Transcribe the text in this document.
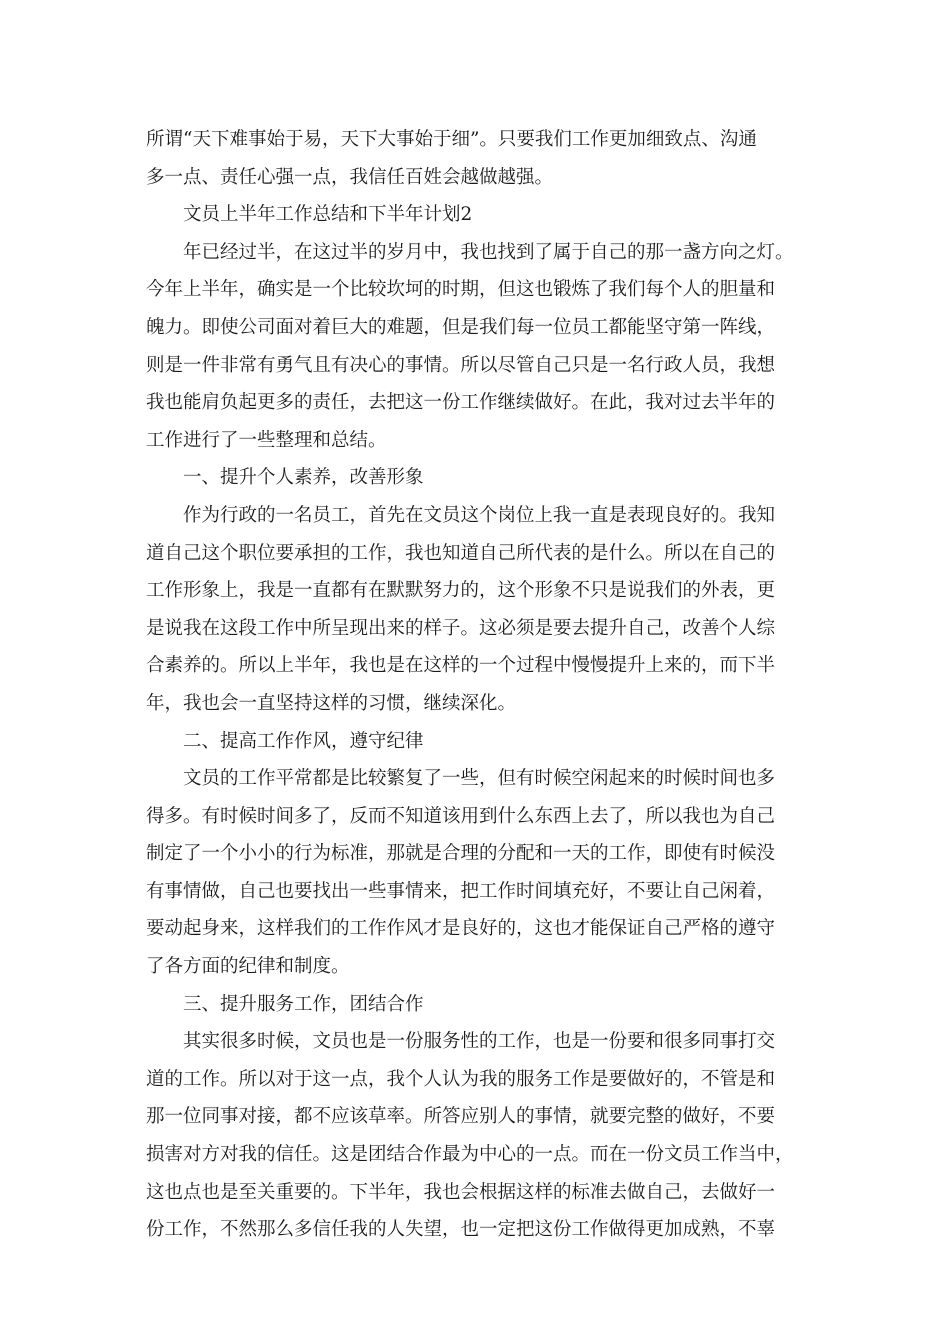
所谓“天下难事始于易，天下大事始于细”。只要我们工作更加细致点、沟通
多一点、责任心强一点，我信任百姓会越做越强。
文员上半年工作总结和下半年计划2
年已经过半，在这过半的岁月中，我也找到了属于自己的那一盏方向之灯。
今年上半年，确实是一个比较坎坷的时期，但这也锻炼了我们每个人的胆量和
魄力。即使公司面对着巨大的难题，但是我们每一位员工都能坚守第一阵线，
则是一件非常有勇气且有决心的事情。所以尽管自己只是一名行政人员，我想
我也能肩负起更多的责任，去把这一份工作继续做好。在此，我对过去半年的
工作进行了一些整理和总结。
一、提升个人素养，改善形象
作为行政的一名员工，首先在文员这个岗位上我一直是表现良好的。我知
道自己这个职位要承担的工作，我也知道自己所代表的是什么。所以在自己的
工作形象上，我是一直都有在默默努力的，这个形象不只是说我们的外表，更
是说我在这段工作中所呈现出来的样子。这必须是要去提升自己，改善个人综
合素养的。所以上半年，我也是在这样的一个过程中慢慢提升上来的，而下半
年，我也会一直坚持这样的习惯，继续深化。
二、提高工作作风，遵守纪律
文员的工作平常都是比较繁复了一些，但有时候空闲起来的时候时间也多
得多。有时候时间多了，反而不知道该用到什么东西上去了，所以我也为自己
制定了一个小小的行为标准，那就是合理的分配和一天的工作，即使有时候没
有事情做，自己也要找出一些事情来，把工作时间填充好，不要让自己闲着，
要动起身来，这样我们的工作作风才是良好的，这也才能保证自己严格的遵守
了各方面的纪律和制度。
三、提升服务工作，团结合作
其实很多时候，文员也是一份服务性的工作，也是一份要和很多同事打交
道的工作。所以对于这一点，我个人认为我的服务工作是要做好的，不管是和
那一位同事对接，都不应该草率。所答应别人的事情，就要完整的做好，不要
损害对方对我的信任。这是团结合作最为中心的一点。而在一份文员工作当中，
这也点也是至关重要的。下半年，我也会根据这样的标准去做自己，去做好一
份工作，不然那么多信任我的人失望，也一定把这份工作做得更加成熟，不辜
